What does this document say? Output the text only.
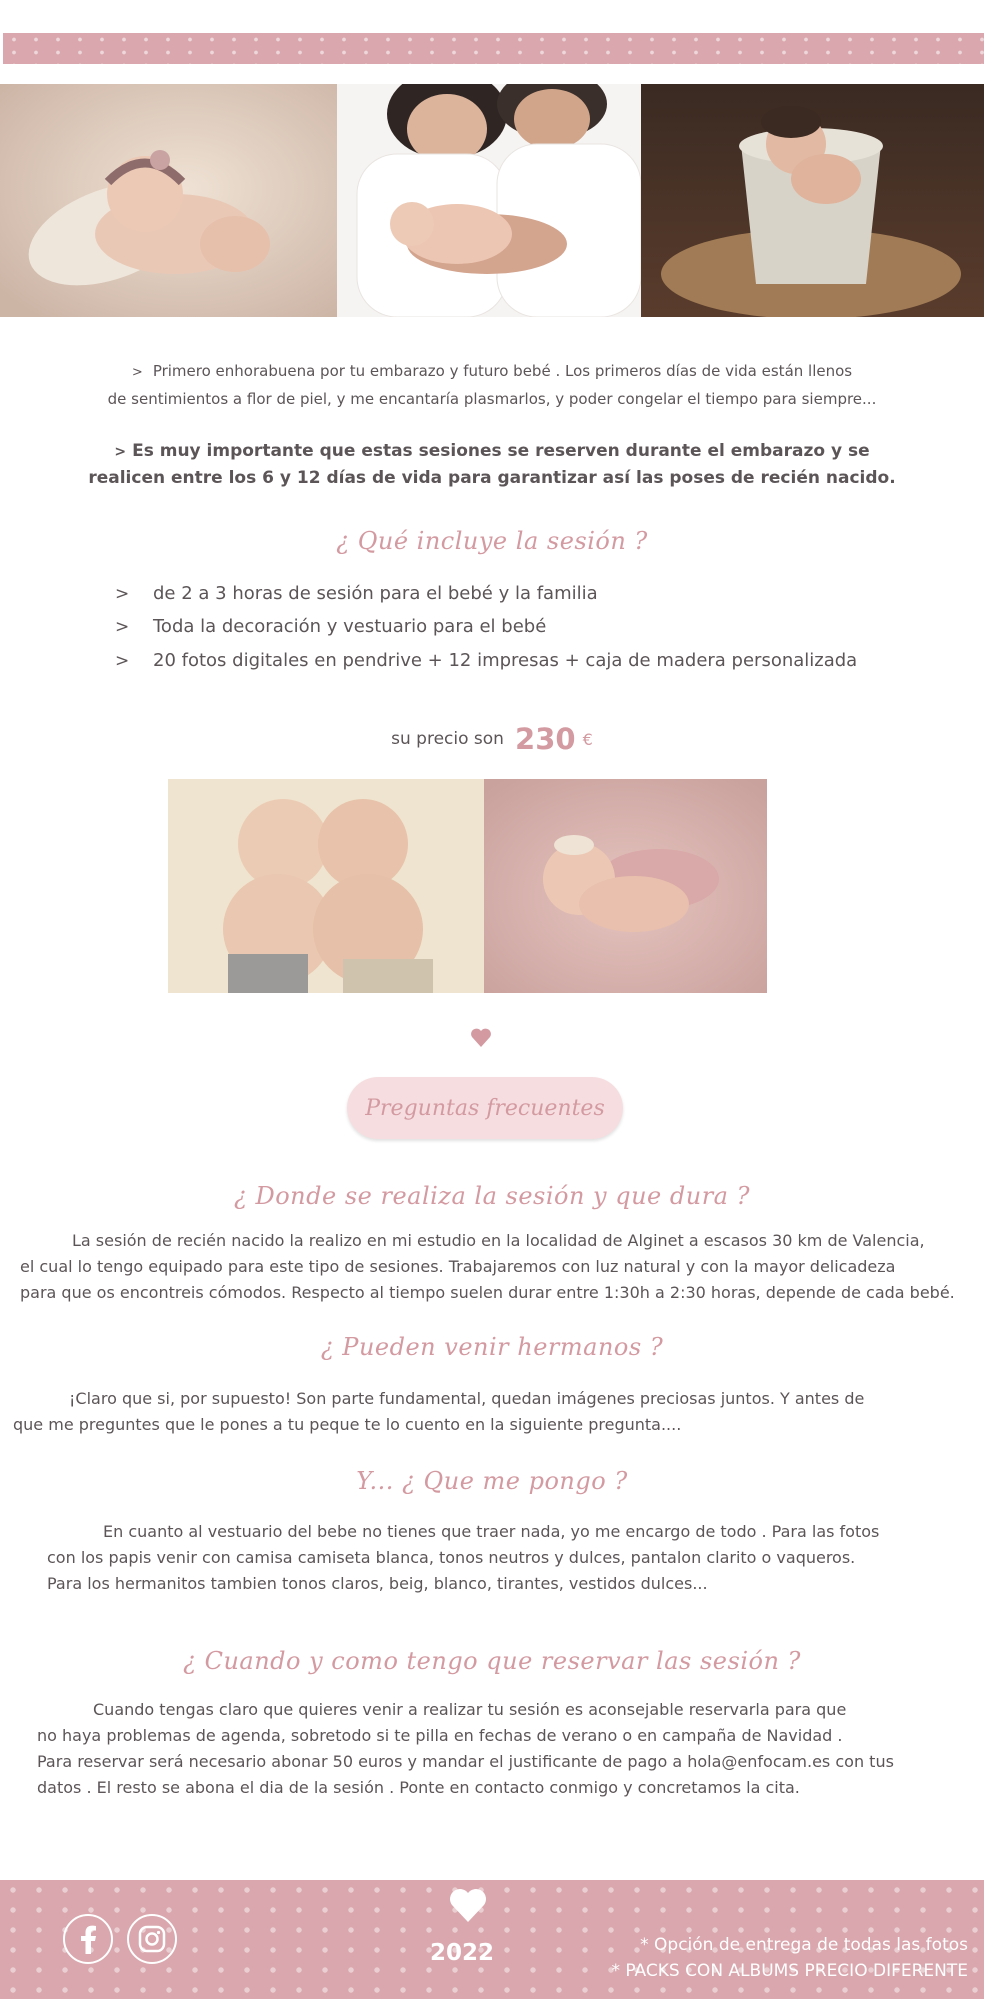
> Primero enhorabuena por tu embarazo y futuro bebé . Los primeros días de vida están llenos
de sentimientos a flor de piel, y me encantaría plasmarlos, y poder congelar el tiempo para siempre...
> Es muy importante que estas sesiones se reserven durante el embarazo y se
realicen entre los 6 y 12 días de vida para garantizar así las poses de recién nacido.
¿ Qué incluye la sesión ?
> de 2 a 3 horas de sesión para el bebé y la familia
> Toda la decoración y vestuario para el bebé
> 20 fotos digitales en pendrive + 12 impresas + caja de madera personalizada
su precio son 230 €
Preguntas frecuentes
¿ Donde se realiza la sesión y que dura ?
La sesión de recién nacido la realizo en mi estudio en la localidad de Alginet a escasos 30 km de Valencia,
el cual lo tengo equipado para este tipo de sesiones. Trabajaremos con luz natural y con la mayor delicadeza
para que os encontreis cómodos. Respecto al tiempo suelen durar entre 1:30h a 2:30 horas, depende de cada bebé.
¿ Pueden venir hermanos ?
¡Claro que si, por supuesto! Son parte fundamental, quedan imágenes preciosas juntos. Y antes de
que me preguntes que le pones a tu peque te lo cuento en la siguiente pregunta....
Y... ¿ Que me pongo ?
En cuanto al vestuario del bebe no tienes que traer nada, yo me encargo de todo . Para las fotos
con los papis venir con camisa camiseta blanca, tonos neutros y dulces, pantalon clarito o vaqueros.
Para los hermanitos tambien tonos claros, beig, blanco, tirantes, vestidos dulces...
¿ Cuando y como tengo que reservar las sesión ?
Cuando tengas claro que quieres venir a realizar tu sesión es aconsejable reservarla para que
no haya problemas de agenda, sobretodo si te pilla en fechas de verano o en campaña de Navidad .
Para reservar será necesario abonar 50 euros y mandar el justificante de pago a hola@enfocam.es con tus
datos . El resto se abona el dia de la sesión . Ponte en contacto conmigo y concretamos la cita.
2022	* Opción de entrega de todas las fotos
* PACKS CON ALBUMS PRECIO DIFERENTE
